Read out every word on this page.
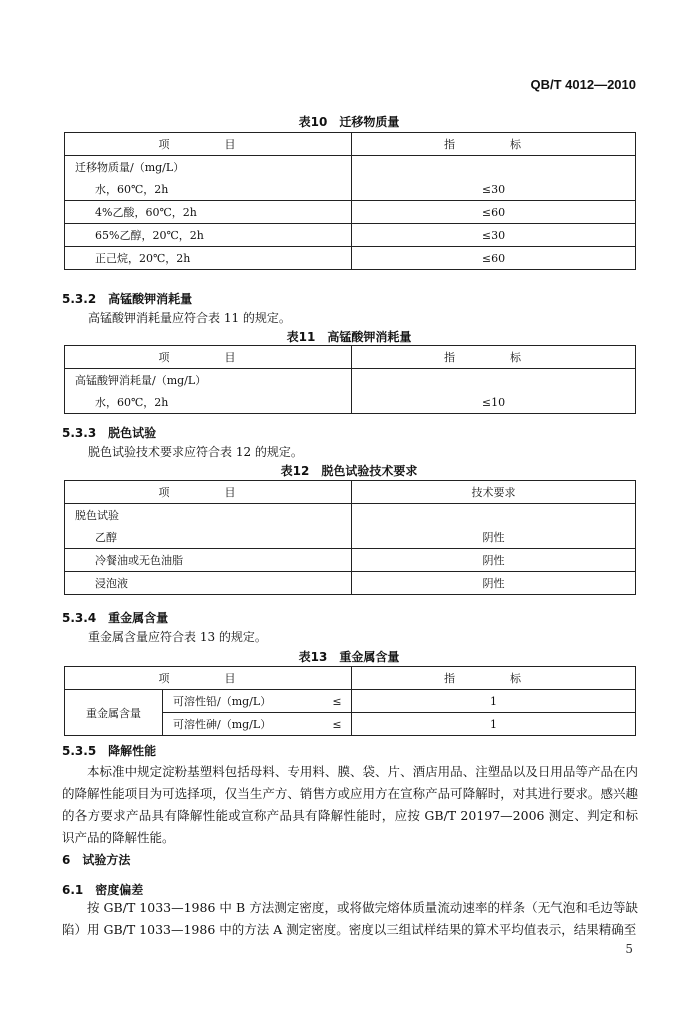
QB/T 4012—2010
表10　迁移物质量
项　目	指　标
迁移物质量/（mg/L）	
水，60℃，2h	≤30
4%乙酸，60℃，2h	≤60
65%乙醇，20℃，2h	≤30
正己烷，20℃，2h	≤60
5.3.2　高锰酸钾消耗量
高锰酸钾消耗量应符合表 11 的规定。
表11　高锰酸钾消耗量
项　目	指　标
高锰酸钾消耗量/（mg/L）	
水，60℃，2h	≤10
5.3.3　脱色试验
脱色试验技术要求应符合表 12 的规定。
表12　脱色试验技术要求
项　目	技术要求
脱色试验	
乙醇	阴性
冷餐油或无色油脂	阴性
浸泡液	阴性
5.3.4　重金属含量
重金属含量应符合表 13 的规定。
表13　重金属含量
项　目			指　标
重金属含量	可溶性铅/（mg/L）	≤	1
	可溶性砷/（mg/L）	≤	1
5.3.5　降解性能
本标准中规定淀粉基塑料包括母料、专用料、膜、袋、片、酒店用品、注塑品以及日用品等产品在内的降解性能项目为可选择项，仅当生产方、销售方或应用方在宣称产品可降解时，对其进行要求。感兴趣的各方要求产品具有降解性能或宣称产品具有降解性能时，应按 GB/T 20197—2006 测定、判定和标识产品的降解性能。
6　试验方法
6.1　密度偏差
按 GB/T 1033—1986 中 B 方法测定密度，或将做完熔体质量流动速率的样条（无气泡和毛边等缺陷）用 GB/T 1033—1986 中的方法 A 测定密度。密度以三组试样结果的算术平均值表示，结果精确至
5
